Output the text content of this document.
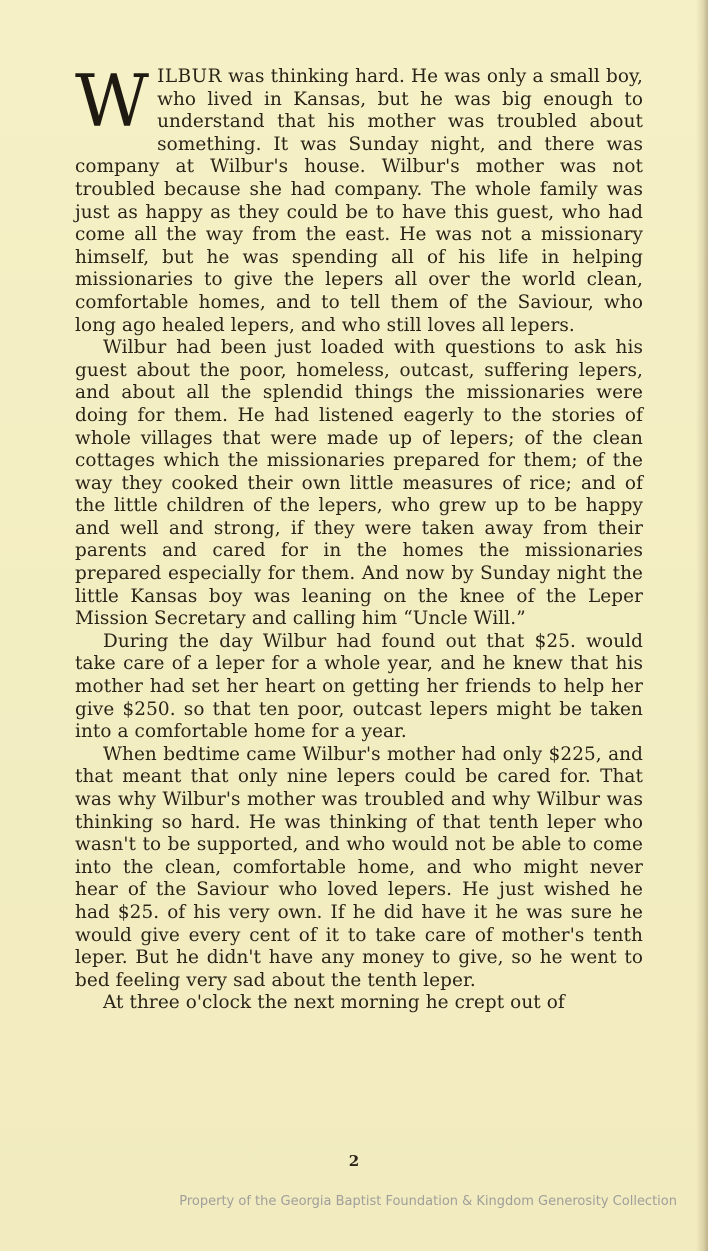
WILBUR was thinking hard. He was only a small boy, who lived in Kansas, but he was big enough to understand that his mother was troubled about something. It was Sunday night, and there was company at Wilbur's house. Wilbur's mother was not troubled because she had company. The whole family was just as happy as they could be to have this guest, who had come all the way from the east. He was not a missionary himself, but he was spending all of his life in helping missionaries to give the lepers all over the world clean, comfortable homes, and to tell them of the Saviour, who long ago healed lepers, and who still loves all lepers.

Wilbur had been just loaded with questions to ask his guest about the poor, homeless, outcast, suffering lepers, and about all the splendid things the missionaries were doing for them. He had listened eagerly to the stories of whole villages that were made up of lepers; of the clean cottages which the missionaries prepared for them; of the way they cooked their own little measures of rice; and of the little children of the lepers, who grew up to be happy and well and strong, if they were taken away from their parents and cared for in the homes the missionaries prepared especially for them. And now by Sunday night the little Kansas boy was leaning on the knee of the Leper Mission Secretary and calling him “Uncle Will.”

During the day Wilbur had found out that $25. would take care of a leper for a whole year, and he knew that his mother had set her heart on getting her friends to help her give $250. so that ten poor, outcast lepers might be taken into a comfortable home for a year.

When bedtime came Wilbur's mother had only $225, and that meant that only nine lepers could be cared for. That was why Wilbur's mother was troubled and why Wilbur was thinking so hard. He was thinking of that tenth leper who wasn't to be supported, and who would not be able to come into the clean, comfortable home, and who might never hear of the Saviour who loved lepers. He just wished he had $25. of his very own. If he did have it he was sure he would give every cent of it to take care of mother's tenth leper. But he didn't have any money to give, so he went to bed feeling very sad about the tenth leper.

At three o'clock the next morning he crept out of

2
Property of the Georgia Baptist Foundation & Kingdom Generosity Collection
